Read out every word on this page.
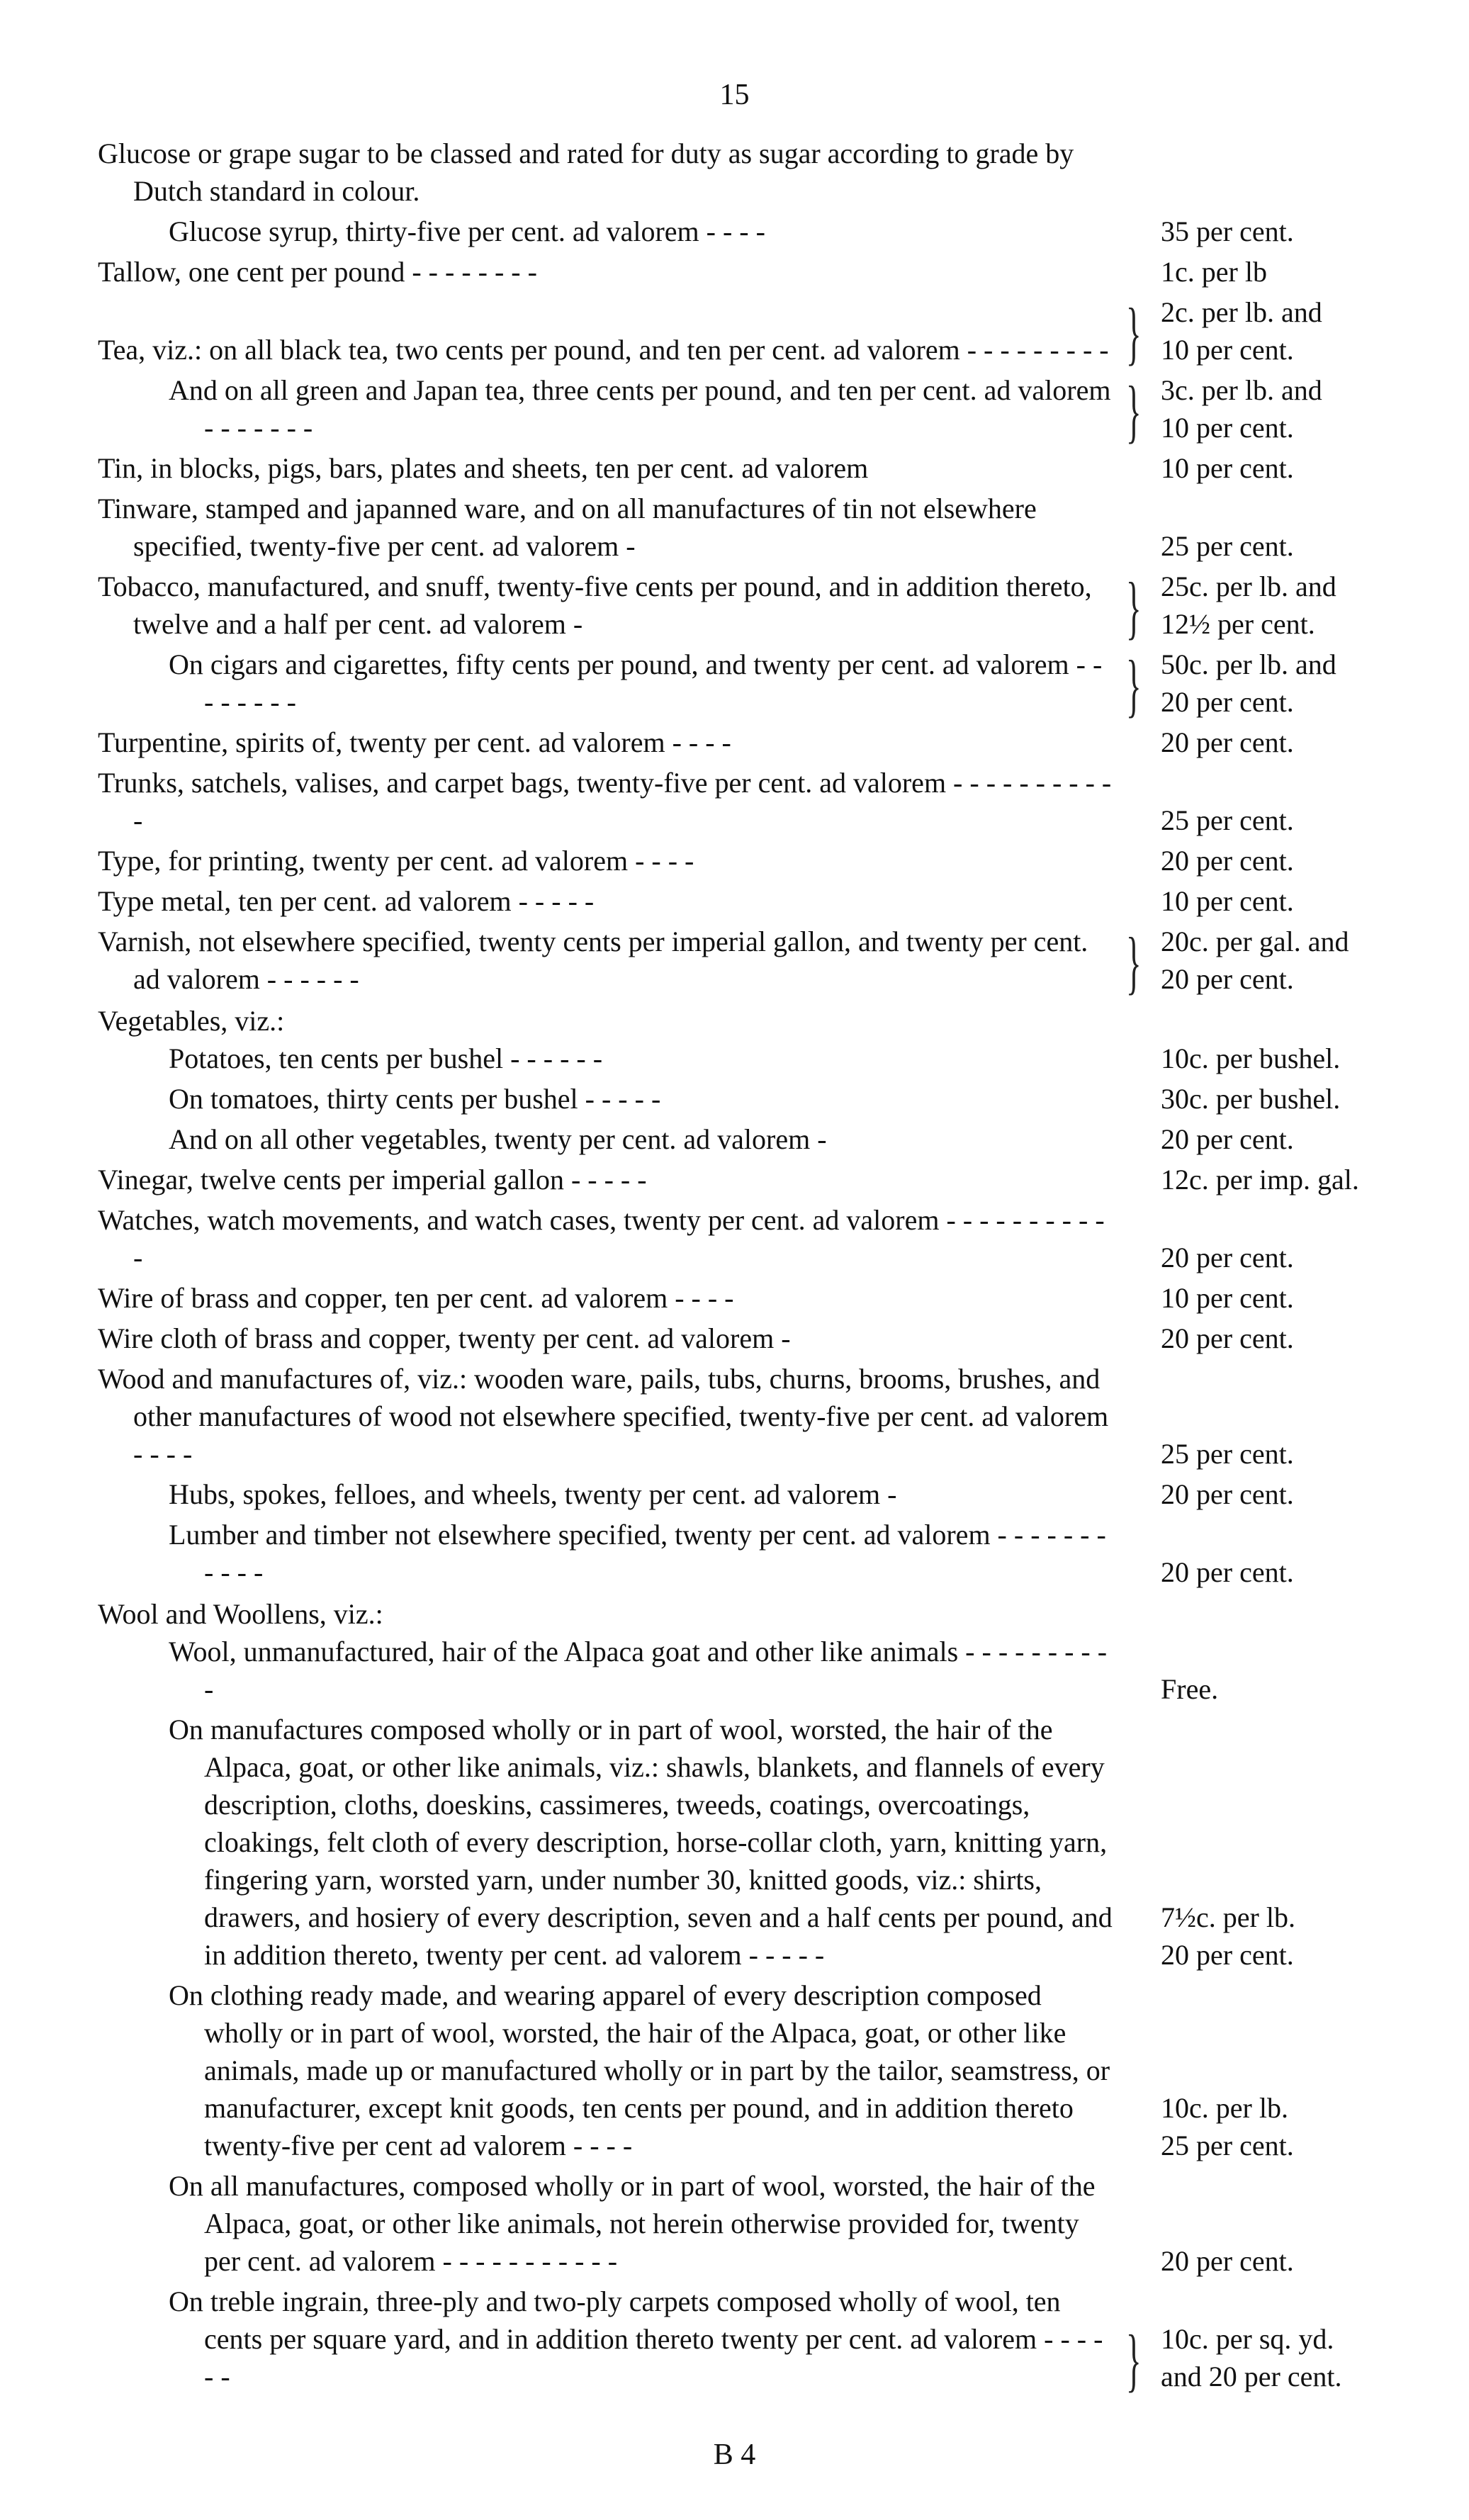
15
Glucose or grape sugar to be classed and rated for duty as sugar according to grade by Dutch standard in colour.
Glucose syrup, thirty-five per cent. ad valorem - - - -	35 per cent.
Tallow, one cent per pound - - - - - - - -	1c. per lb
Tea, viz.: on all black tea, two cents per pound, and ten per cent. ad valorem - - - - - - - - - } 2c. per lb. and
10 per cent.
And on all green and Japan tea, three cents per pound, and ten per cent. ad valorem - - - - - - -	} 3c. per lb. and
10 per cent.
Tin, in blocks, pigs, bars, plates and sheets, ten per cent. ad valorem	10 per cent.
Tinware, stamped and japanned ware, and on all manufactures of tin not elsewhere specified, twenty-five per cent. ad valorem -	25 per cent.
Tobacco, manufactured, and snuff, twenty-five cents per pound, and in addition thereto, twelve and a half per cent. ad valorem -	} 25c. per lb. and
12½ per cent.
On cigars and cigarettes, fifty cents per pound, and twenty per cent. ad valorem - - - - - - - -	} 50c. per lb. and
20 per cent.
Turpentine, spirits of, twenty per cent. ad valorem - - - -	20 per cent.
Trunks, satchels, valises, and carpet bags, twenty-five per cent. ad valorem - - - - - - - - - - -	25 per cent.
Type, for printing, twenty per cent. ad valorem - - - -	20 per cent.
Type metal, ten per cent. ad valorem - - - - -	10 per cent.
Varnish, not elsewhere specified, twenty cents per imperial gallon, and twenty per cent. ad valorem - - - - - -	} 20c. per gal. and
20 per cent.
Vegetables, viz.:
Potatoes, ten cents per bushel - - - - - -	10c. per bushel.
On tomatoes, thirty cents per bushel - - - - -	30c. per bushel.
And on all other vegetables, twenty per cent. ad valorem -	20 per cent.
Vinegar, twelve cents per imperial gallon - - - - -	12c. per imp. gal.
Watches, watch movements, and watch cases, twenty per cent. ad valorem - - - - - - - - - - -	20 per cent.
Wire of brass and copper, ten per cent. ad valorem - - - -	10 per cent.
Wire cloth of brass and copper, twenty per cent. ad valorem -	20 per cent.
Wood and manufactures of, viz.: wooden ware, pails, tubs, churns, brooms, brushes, and other manufactures of wood not elsewhere specified, twenty-five per cent. ad valorem - - - -	25 per cent.
Hubs, spokes, felloes, and wheels, twenty per cent. ad valorem -	20 per cent.
Lumber and timber not elsewhere specified, twenty per cent. ad valorem - - - - - - - - - - -	20 per cent.
Wool and Woollens, viz.:
Wool, unmanufactured, hair of the Alpaca goat and other like animals - - - - - - - - - -	Free.
On manufactures composed wholly or in part of wool, worsted, the hair of the Alpaca, goat, or other like animals, viz.: shawls, blankets, and flannels of every description, cloths, doeskins, cassimeres, tweeds, coatings, overcoatings, cloakings, felt cloth of every description, horse-collar cloth, yarn, knitting yarn, fingering yarn, worsted yarn, under number 30, knitted goods, viz.: shirts, drawers, and hosiery of every description, seven and a half cents per pound, and in addition thereto, twenty per cent. ad valorem - - - - -
7½c. per lb.
20 per cent.
On clothing ready made, and wearing apparel of every description composed wholly or in part of wool, worsted, the hair of the Alpaca, goat, or other like animals, made up or manufactured wholly or in part by the tailor, seamstress, or manufacturer, except knit goods, ten cents per pound, and in addition thereto twenty-five per cent ad valorem - - - -
10c. per lb.
25 per cent.
On all manufactures, composed wholly or in part of wool, worsted, the hair of the Alpaca, goat, or other like animals, not herein otherwise provided for, twenty per cent. ad valorem - - - - - - - - - - -	20 per cent.
On treble ingrain, three-ply and two-ply carpets composed wholly of wool, ten cents per square yard, and in addition thereto twenty per cent. ad valorem - - - - - -	} 10c. per sq. yd.
and 20 per cent.
B 4
